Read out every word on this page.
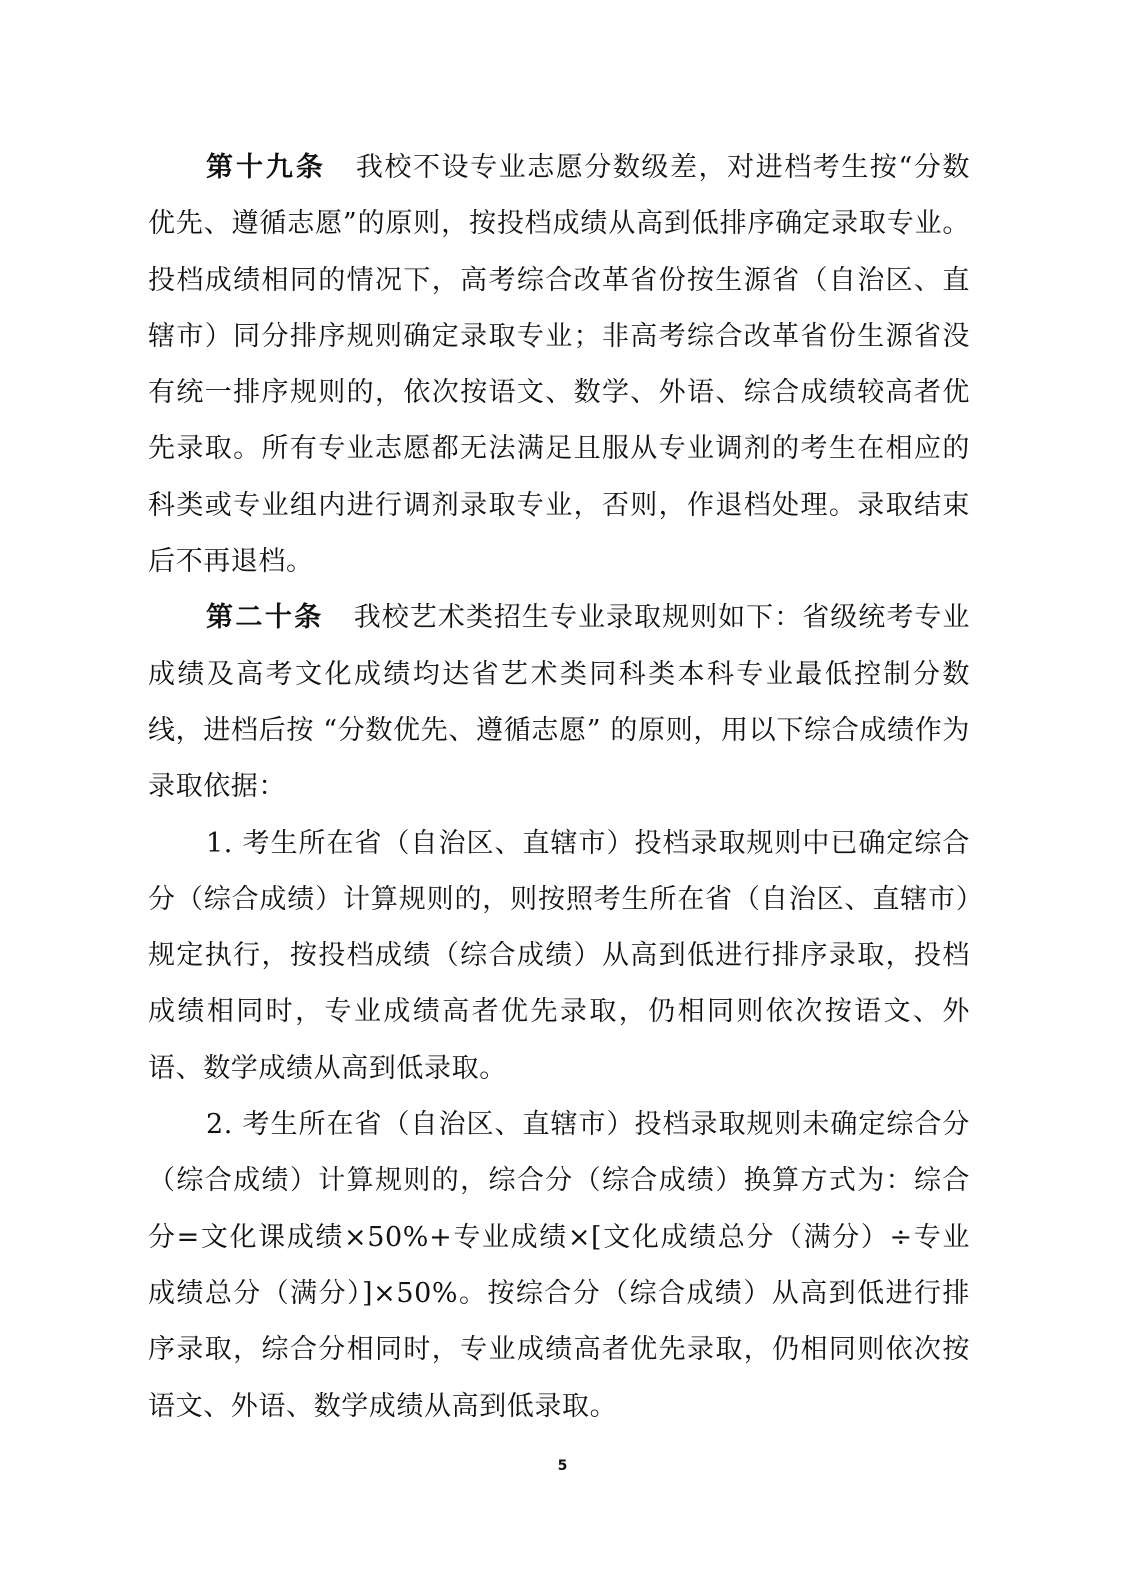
第十九条 我校不设专业志愿分数级差，对进档考生按“分数优先、遵循志愿”的原则，按投档成绩从高到低排序确定录取专业。投档成绩相同的情况下，高考综合改革省份按生源省（自治区、直辖市）同分排序规则确定录取专业；非高考综合改革省份生源省没有统一排序规则的，依次按语文、数学、外语、综合成绩较高者优先录取。所有专业志愿都无法满足且服从专业调剂的考生在相应的科类或专业组内进行调剂录取专业，否则，作退档处理。录取结束后不再退档。

第二十条 我校艺术类招生专业录取规则如下：省级统考专业成绩及高考文化成绩均达省艺术类同科类本科专业最低控制分数线，进档后按 “分数优先、遵循志愿” 的原则，用以下综合成绩作为录取依据：

1. 考生所在省（自治区、直辖市）投档录取规则中已确定综合分（综合成绩）计算规则的，则按照考生所在省（自治区、直辖市）规定执行，按投档成绩（综合成绩）从高到低进行排序录取，投档成绩相同时，专业成绩高者优先录取，仍相同则依次按语文、外语、数学成绩从高到低录取。

2. 考生所在省（自治区、直辖市）投档录取规则未确定综合分（综合成绩）计算规则的，综合分（综合成绩）换算方式为：综合分=文化课成绩×50%+专业成绩×[文化成绩总分（满分）÷专业成绩总分（满分）]×50%。按综合分（综合成绩）从高到低进行排序录取，综合分相同时，专业成绩高者优先录取，仍相同则依次按语文、外语、数学成绩从高到低录取。

5
